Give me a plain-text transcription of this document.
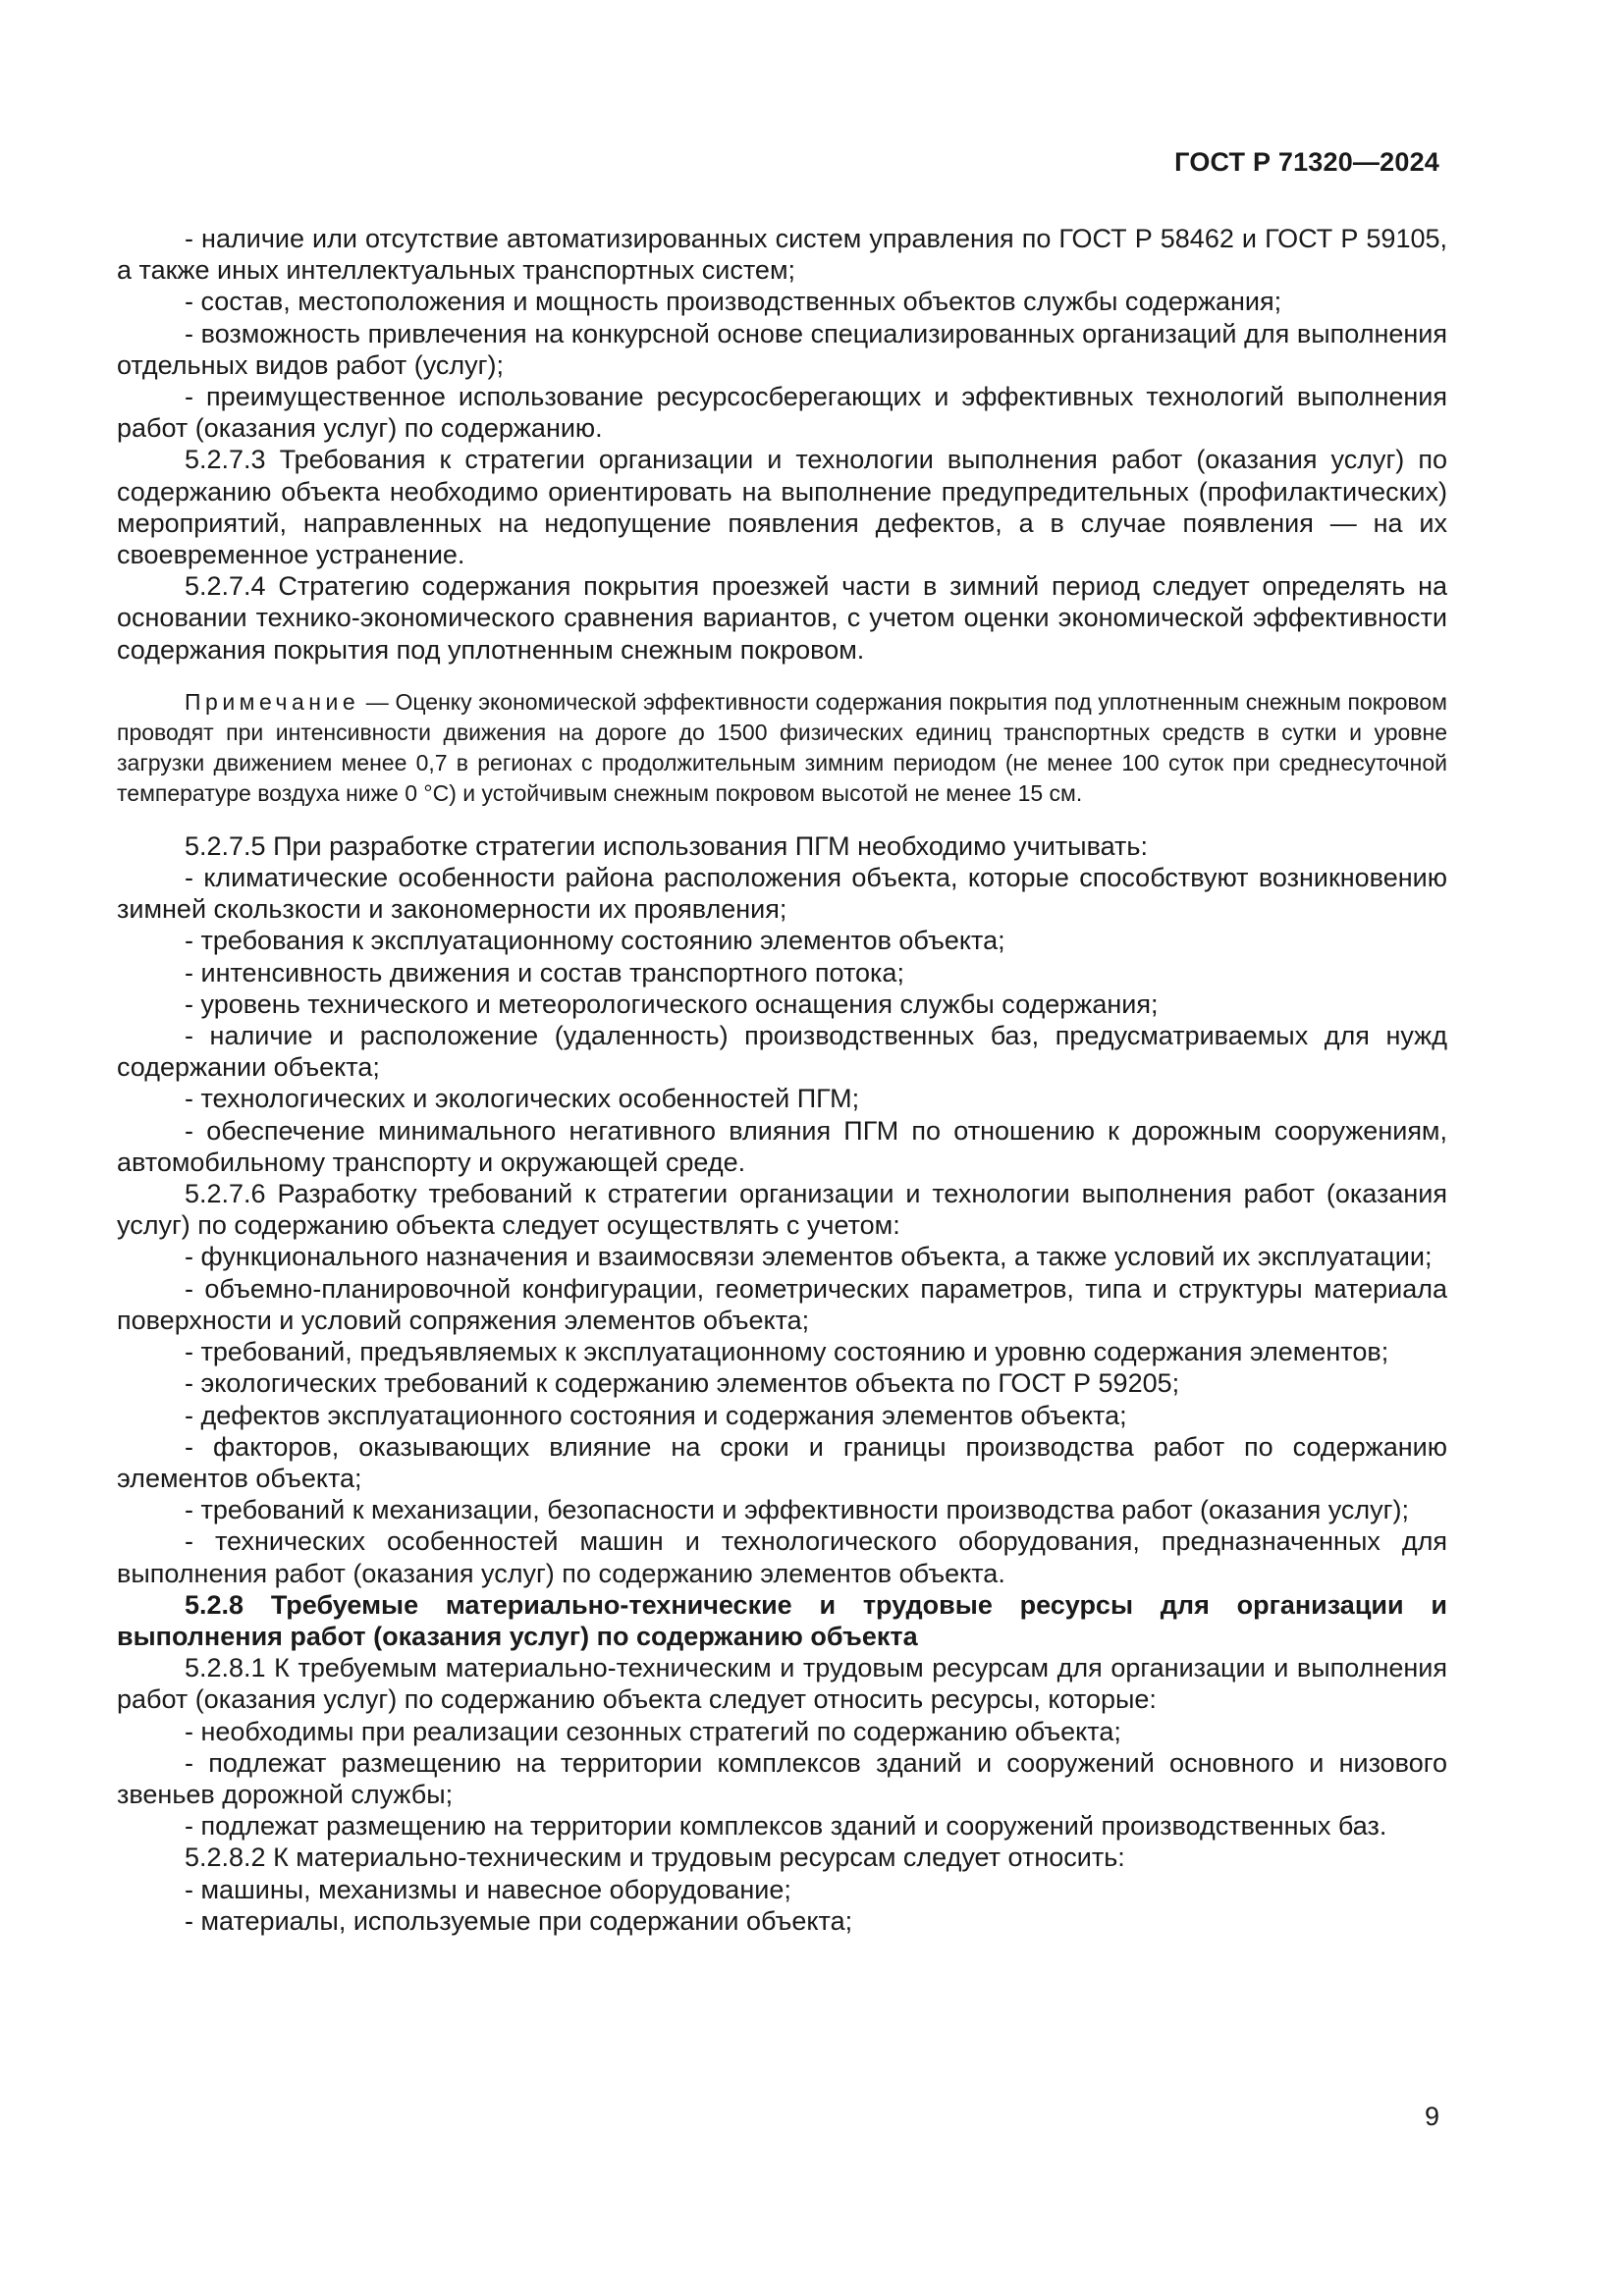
ГОСТ Р 71320—2024

- наличие или отсутствие автоматизированных систем управления по ГОСТ Р 58462 и ГОСТ Р 59105, а также иных интеллектуальных транспортных систем;

- состав, местоположения и мощность производственных объектов службы содержания;

- возможность привлечения на конкурсной основе специализированных организаций для выполнения отдельных видов работ (услуг);

- преимущественное использование ресурсосберегающих и эффективных технологий выполнения работ (оказания услуг) по содержанию.

5.2.7.3 Требования к стратегии организации и технологии выполнения работ (оказания услуг) по содержанию объекта необходимо ориентировать на выполнение предупредительных (профилактических) мероприятий, направленных на недопущение появления дефектов, а в случае появления — на их своевременное устранение.

5.2.7.4 Стратегию содержания покрытия проезжей части в зимний период следует определять на основании технико-экономического сравнения вариантов, с учетом оценки экономической эффективности содержания покрытия под уплотненным снежным покровом.

Примечание — Оценку экономической эффективности содержания покрытия под уплотненным снежным покровом проводят при интенсивности движения на дороге до 1500 физических единиц транспортных средств в сутки и уровне загрузки движением менее 0,7 в регионах с продолжительным зимним периодом (не менее 100 суток при среднесуточной температуре воздуха ниже 0 °С) и устойчивым снежным покровом высотой не менее 15 см.

5.2.7.5 При разработке стратегии использования ПГМ необходимо учитывать:

- климатические особенности района расположения объекта, которые способствуют возникновению зимней скользкости и закономерности их проявления;

- требования к эксплуатационному состоянию элементов объекта;

- интенсивность движения и состав транспортного потока;

- уровень технического и метеорологического оснащения службы содержания;

- наличие и расположение (удаленность) производственных баз, предусматриваемых для нужд содержании объекта;

- технологических и экологических особенностей ПГМ;

- обеспечение минимального негативного влияния ПГМ по отношению к дорожным сооружениям, автомобильному транспорту и окружающей среде.

5.2.7.6 Разработку требований к стратегии организации и технологии выполнения работ (оказания услуг) по содержанию объекта следует осуществлять с учетом:

- функционального назначения и взаимосвязи элементов объекта, а также условий их эксплуатации;

- объемно-планировочной конфигурации, геометрических параметров, типа и структуры материала поверхности и условий сопряжения элементов объекта;

- требований, предъявляемых к эксплуатационному состоянию и уровню содержания элементов;

- экологических требований к содержанию элементов объекта по ГОСТ Р 59205;

- дефектов эксплуатационного состояния и содержания элементов объекта;

- факторов, оказывающих влияние на сроки и границы производства работ по содержанию элементов объекта;

- требований к механизации, безопасности и эффективности производства работ (оказания услуг);

- технических особенностей машин и технологического оборудования, предназначенных для выполнения работ (оказания услуг) по содержанию элементов объекта.

5.2.8 Требуемые материально-технические и трудовые ресурсы для организации и выполнения работ (оказания услуг) по содержанию объекта

5.2.8.1 К требуемым материально-техническим и трудовым ресурсам для организации и выполнения работ (оказания услуг) по содержанию объекта следует относить ресурсы, которые:

- необходимы при реализации сезонных стратегий по содержанию объекта;

- подлежат размещению на территории комплексов зданий и сооружений основного и низового звеньев дорожной службы;

- подлежат размещению на территории комплексов зданий и сооружений производственных баз.

5.2.8.2 К материально-техническим и трудовым ресурсам следует относить:

- машины, механизмы и навесное оборудование;

- материалы, используемые при содержании объекта;

9
